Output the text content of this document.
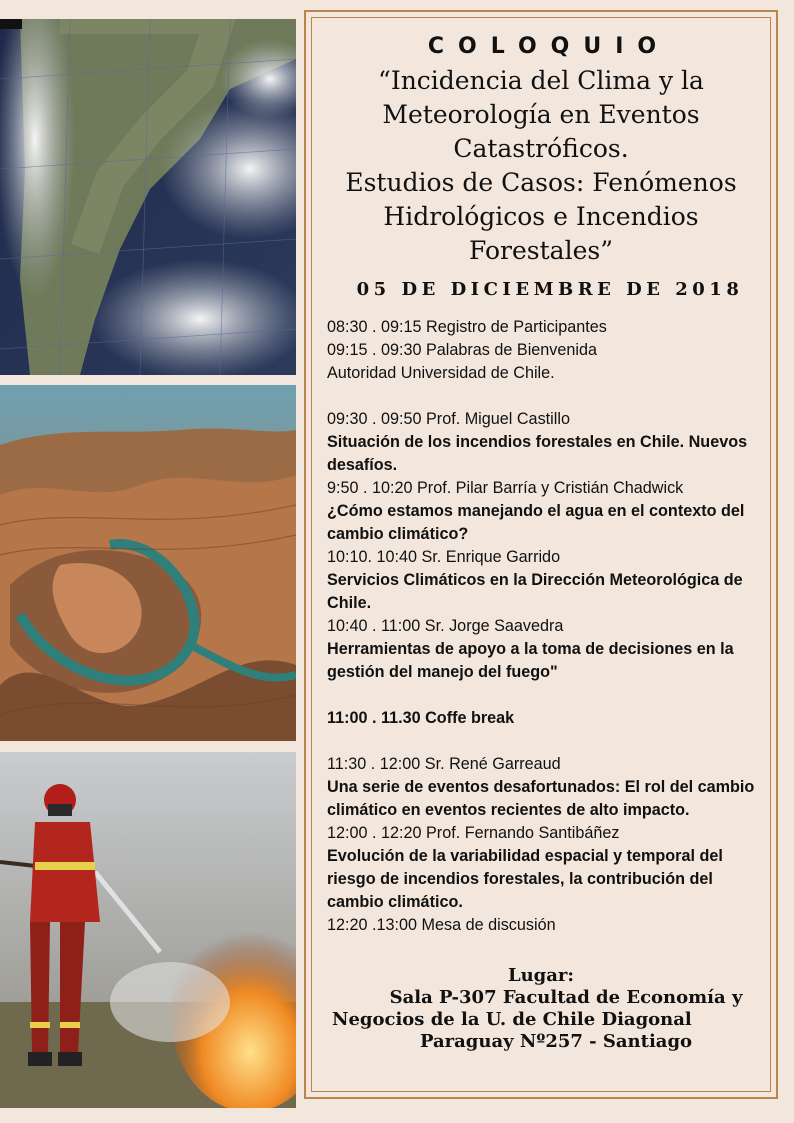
COLOQUIO
“Incidencia del Clima y la
Meteorología en Eventos
Catastróficos.
Estudios de Casos: Fenómenos
Hidrológicos e Incendios
Forestales”
05 DE DICIEMBRE DE 2018
08:30 . 09:15 Registro de Participantes
09:15 . 09:30 Palabras de Bienvenida
Autoridad Universidad de Chile.
09:30 . 09:50 Prof. Miguel Castillo
Situación de los incendios forestales en Chile. Nuevos desafíos.
9:50 . 10:20 Prof. Pilar Barría y Cristián Chadwick
¿Cómo estamos manejando el agua en el contexto del cambio climático?
10:10. 10:40 Sr. Enrique Garrido
Servicios Climáticos en la Dirección Meteorológica de Chile.
10:40 . 11:00 Sr. Jorge Saavedra
Herramientas de apoyo a la toma de decisiones en la gestión del manejo del fuego"
11:00 . 11.30 Coffe break
11:30 . 12:00 Sr. René Garreaud
Una serie de eventos desafortunados: El rol del cambio climático en eventos recientes de alto impacto.
12:00 . 12:20 Prof. Fernando Santibáñez
Evolución de la variabilidad espacial y temporal del riesgo de incendios forestales, la contribución del cambio climático.
12:20 .13:00 Mesa de discusión
Lugar:
Sala P-307 Facultad de Economía y
Negocios de la U. de Chile Diagonal
Paraguay Nº257 - Santiago
